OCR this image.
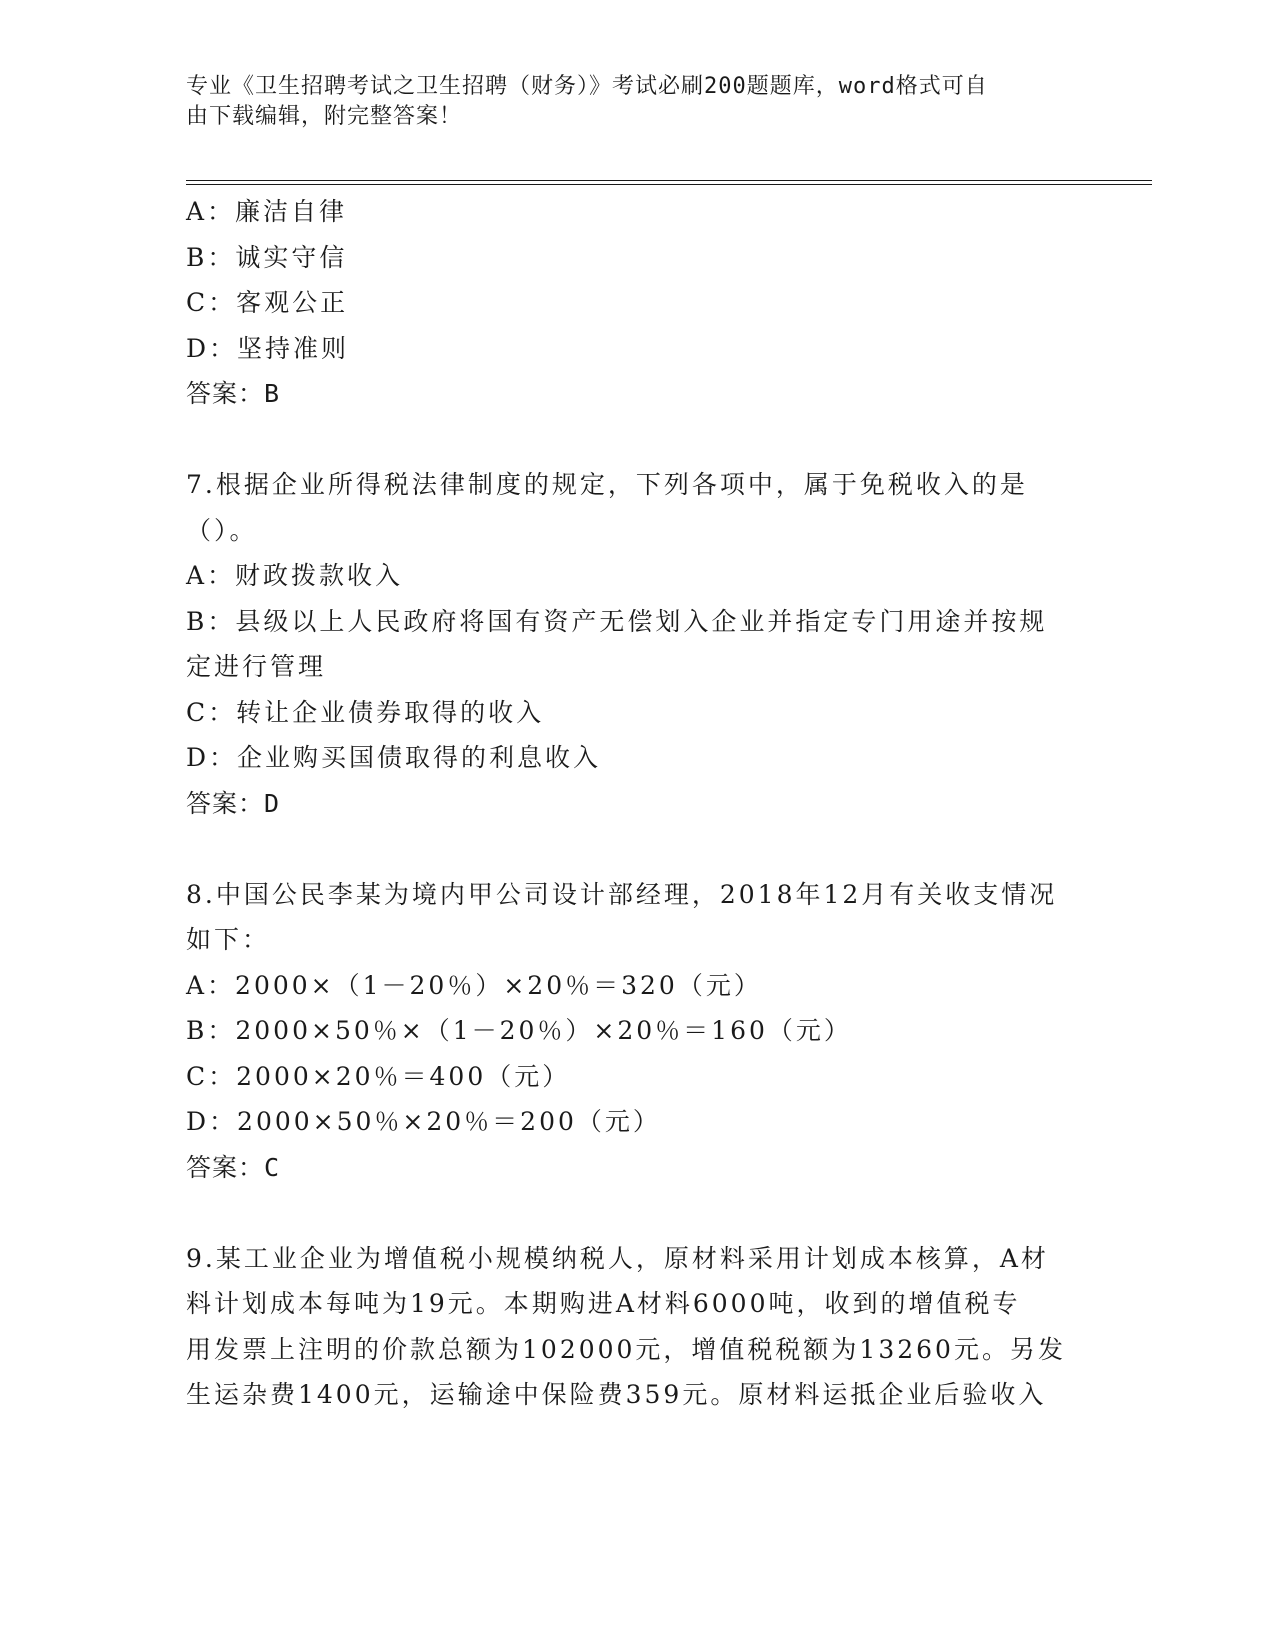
专业《卫生招聘考试之卫生招聘（财务）》考试必刷200题题库，word格式可自
由下载编辑，附完整答案！
A：廉洁自律
B：诚实守信
C：客观公正
D：坚持准则
答案：B
7.根据企业所得税法律制度的规定，下列各项中，属于免税收入的是
（）。
A：财政拨款收入
B：县级以上人民政府将国有资产无偿划入企业并指定专门用途并按规
定进行管理
C：转让企业债券取得的收入
D：企业购买国债取得的利息收入
答案：D
8.中国公民李某为境内甲公司设计部经理，2018年12月有关收支情况
如下：
A：2000×（1－20％）×20％＝320（元）
B：2000×50％×（1－20％）×20％＝160（元）
C：2000×20％＝400（元）
D：2000×50％×20％＝200（元）
答案：C
9.某工业企业为增值税小规模纳税人，原材料采用计划成本核算，A材
料计划成本每吨为19元。本期购进A材料6000吨，收到的增值税专
用发票上注明的价款总额为102000元，增值税税额为13260元。另发
生运杂费1400元，运输途中保险费359元。原材料运抵企业后验收入
